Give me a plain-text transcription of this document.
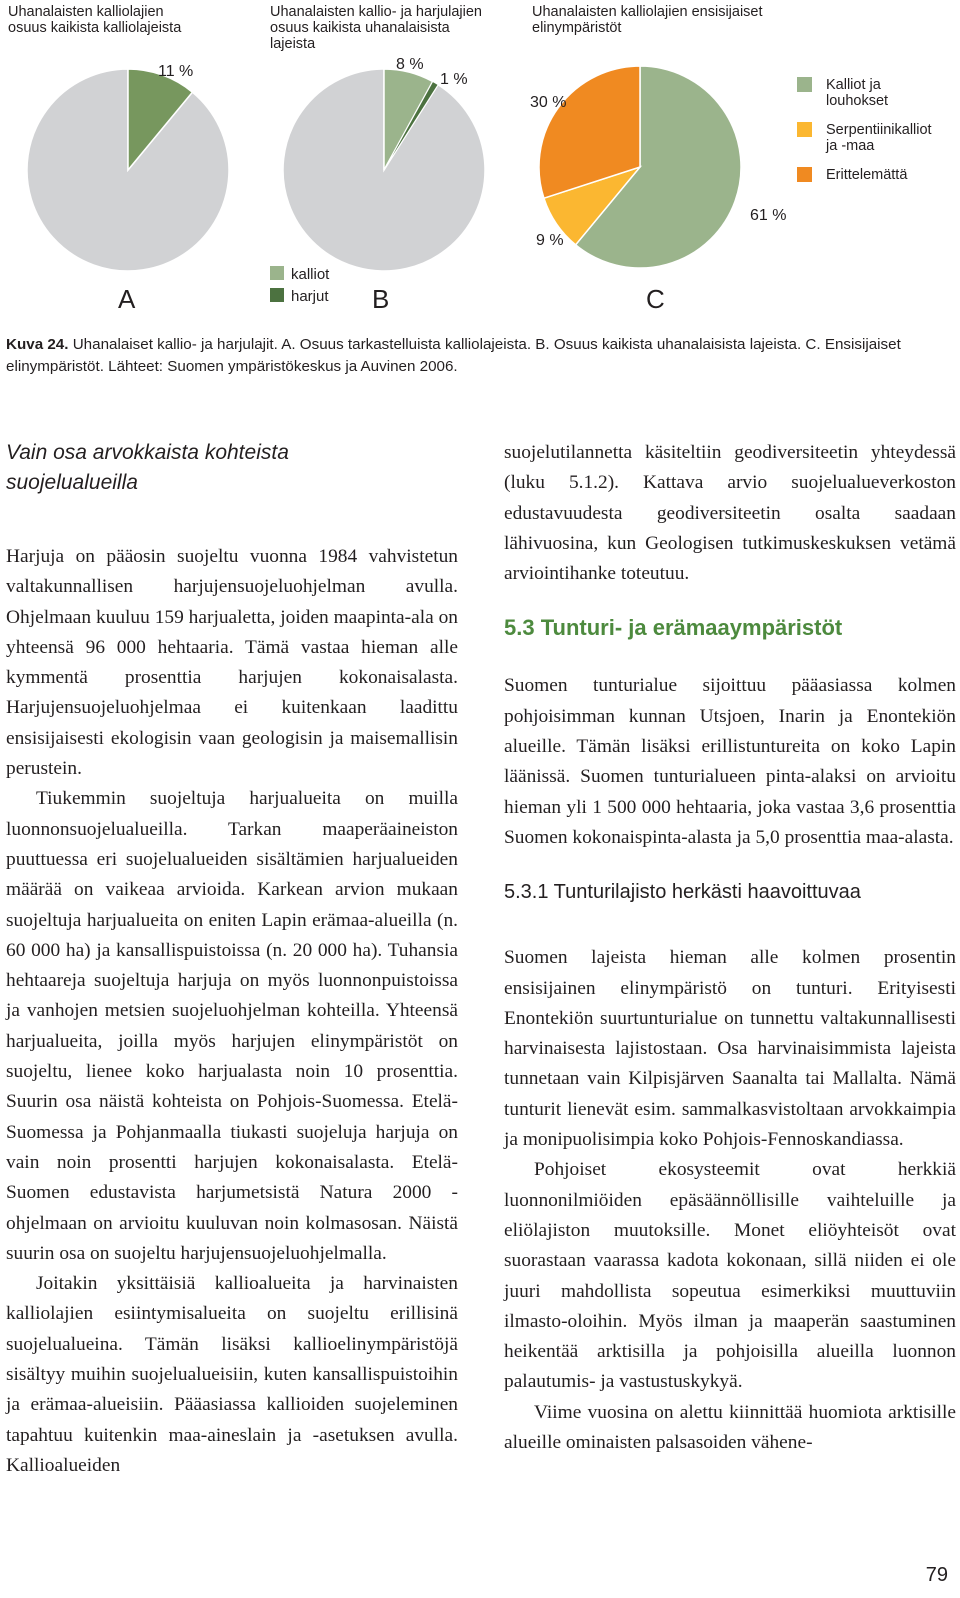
Uhanalaisten kalliolajien
osuus kaikista kalliolajeista
11 %
A
Uhanalaisten kallio- ja harjulajien
osuus kaikista uhanalaisista
lajeista
8 %
1 %
kalliot
harjut B
Uhanalaisten kalliolajien ensisijaiset
elinympäristöt
30 %
9 %
61 %
Kalliot ja
louhokset
Serpentiinikalliot
ja -maa
Erittelemättä
C
Kuva 24. Uhanalaiset kallio- ja harjulajit. A. Osuus tarkastelluista kalliolajeista. B. Osuus kaikista uhanalaisista lajeista. C. Ensisijaiset elinympäristöt. Lähteet: Suomen ympäristökeskus ja Auvinen 2006.
Vain osa arvokkaista kohteista
suojelualueilla

Harjuja on pääosin suojeltu vuonna 1984 vahvistetun valtakunnallisen harjujensuojeluohjelman avulla. Ohjelmaan kuuluu 159 harjualetta, joiden maapinta-ala on yhteensä 96 000 hehtaaria. Tämä vastaa hieman alle kymmentä prosenttia harjujen kokonaisalasta. Harjujensuojeluohjelmaa ei kuitenkaan laadittu ensisijaisesti ekologisin vaan geologisin ja maisemallisin perustein.

Tiukemmin suojeltuja harjualueita on muilla luonnonsuojelualueilla. Tarkan maaperäaineiston puuttuessa eri suojelualueiden sisältämien harjualueiden määrää on vaikeaa arvioida. Karkean arvion mukaan suojeltuja harjualueita on eniten Lapin erämaa-alueilla (n. 60 000 ha) ja kansallispuistoissa (n. 20 000 ha). Tuhansia hehtaareja suojeltuja harjuja on myös luonnonpuistoissa ja vanhojen metsien suojeluohjelman kohteilla. Yhteensä harjualueita, joilla myös harjujen elinympäristöt on suojeltu, lienee koko harjualasta noin 10 prosenttia. Suurin osa näistä kohteista on Pohjois-Suomessa. Etelä- Suomessa ja Pohjanmaalla tiukasti suojeluja harjuja on vain noin prosentti harjujen kokonaisalasta. Etelä-Suomen edustavista harjumetsistä Natura 2000 -ohjelmaan on arvioitu kuuluvan noin kolmasosan. Näistä suurin osa on suojeltu harjujensuojeluohjelmalla.

Joitakin yksittäisiä kallioalueita ja harvinaisten kalliolajien esiintymisalueita on suojeltu erillisinä suojelualueina. Tämän lisäksi kallioelinympäristöjä sisältyy muihin suojelualueisiin, kuten kansallispuistoihin ja erämaa-alueisiin. Pääasiassa kallioiden suojeleminen tapahtuu kuitenkin maa-aineslain ja -asetuksen avulla. Kallioalueiden

suojelutilannetta käsiteltiin geodiversiteetin yhteydessä (luku 5.1.2). Kattava arvio suojelualueverkoston edustavuudesta geodiversiteetin osalta saadaan lähivuosina, kun Geologisen tutkimuskeskuksen vetämä arviointihanke toteutuu.

5.3 Tunturi- ja erämaaympäristöt

Suomen tunturialue sijoittuu pääasiassa kolmen pohjoisimman kunnan Utsjoen, Inarin ja Enontekiön alueille. Tämän lisäksi erillistuntureita on koko Lapin läänissä. Suomen tunturialueen pinta-alaksi on arvioitu hieman yli 1 500 000 hehtaaria, joka vastaa 3,6 prosenttia Suomen kokonaispinta-alasta ja 5,0 prosenttia maa-alasta.

5.3.1 Tunturilajisto herkästi haavoittuvaa

Suomen lajeista hieman alle kolmen prosentin ensisijainen elinympäristö on tunturi. Erityisesti Enontekiön suurtunturialue on tunnettu valtakunnallisesti harvinaisesta lajistostaan. Osa harvinaisimmista lajeista tunnetaan vain Kilpisjärven Saanalta tai Mallalta. Nämä tunturit lienevät esim. sammalkasvistoltaan arvokkaimpia ja monipuolisimpia koko Pohjois-Fennoskandiassa.

Pohjoiset ekosysteemit ovat herkkiä luonnonilmiöiden epäsäännöllisille vaihteluille ja eliölajiston muutoksille. Monet eliöyhteisöt ovat suorastaan vaarassa kadota kokonaan, sillä niiden ei ole juuri mahdollista sopeutua esimerkiksi muuttuviin ilmasto-oloihin. Myös ilman ja maaperän saastuminen heikentää arktisilla ja pohjoisilla alueilla luonnon palautumis- ja vastustuskykyä.

Viime vuosina on alettu kiinnittää huomiota arktisille alueille ominaisten palsasoiden vähene-

79
